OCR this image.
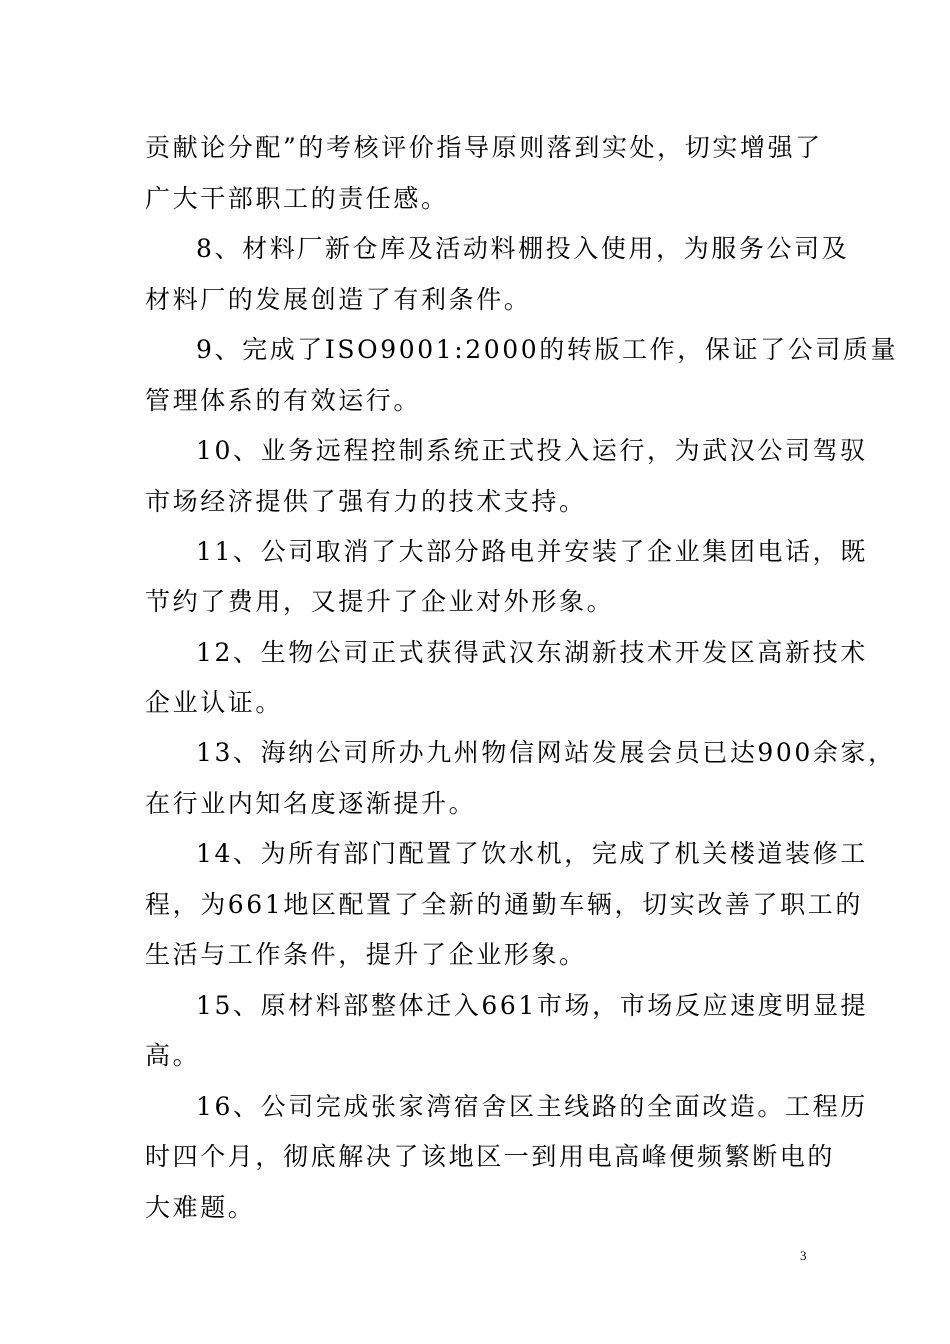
贡献论分配”的考核评价指导原则落到实处，切实增强了
广大干部职工的责任感。
8、材料厂新仓库及活动料棚投入使用，为服务公司及
材料厂的发展创造了有利条件。
9、完成了ISO9001:2000的转版工作，保证了公司质量
管理体系的有效运行。
10、业务远程控制系统正式投入运行，为武汉公司驾驭
市场经济提供了强有力的技术支持。
11、公司取消了大部分路电并安装了企业集团电话，既
节约了费用，又提升了企业对外形象。
12、生物公司正式获得武汉东湖新技术开发区高新技术
企业认证。
13、海纳公司所办九州物信网站发展会员已达900余家，
在行业内知名度逐渐提升。
14、为所有部门配置了饮水机，完成了机关楼道装修工
程，为661地区配置了全新的通勤车辆，切实改善了职工的
生活与工作条件，提升了企业形象。
15、原材料部整体迁入661市场，市场反应速度明显提
高。
16、公司完成张家湾宿舍区主线路的全面改造。工程历
时四个月，彻底解决了该地区一到用电高峰便频繁断电的
大难题。
3
